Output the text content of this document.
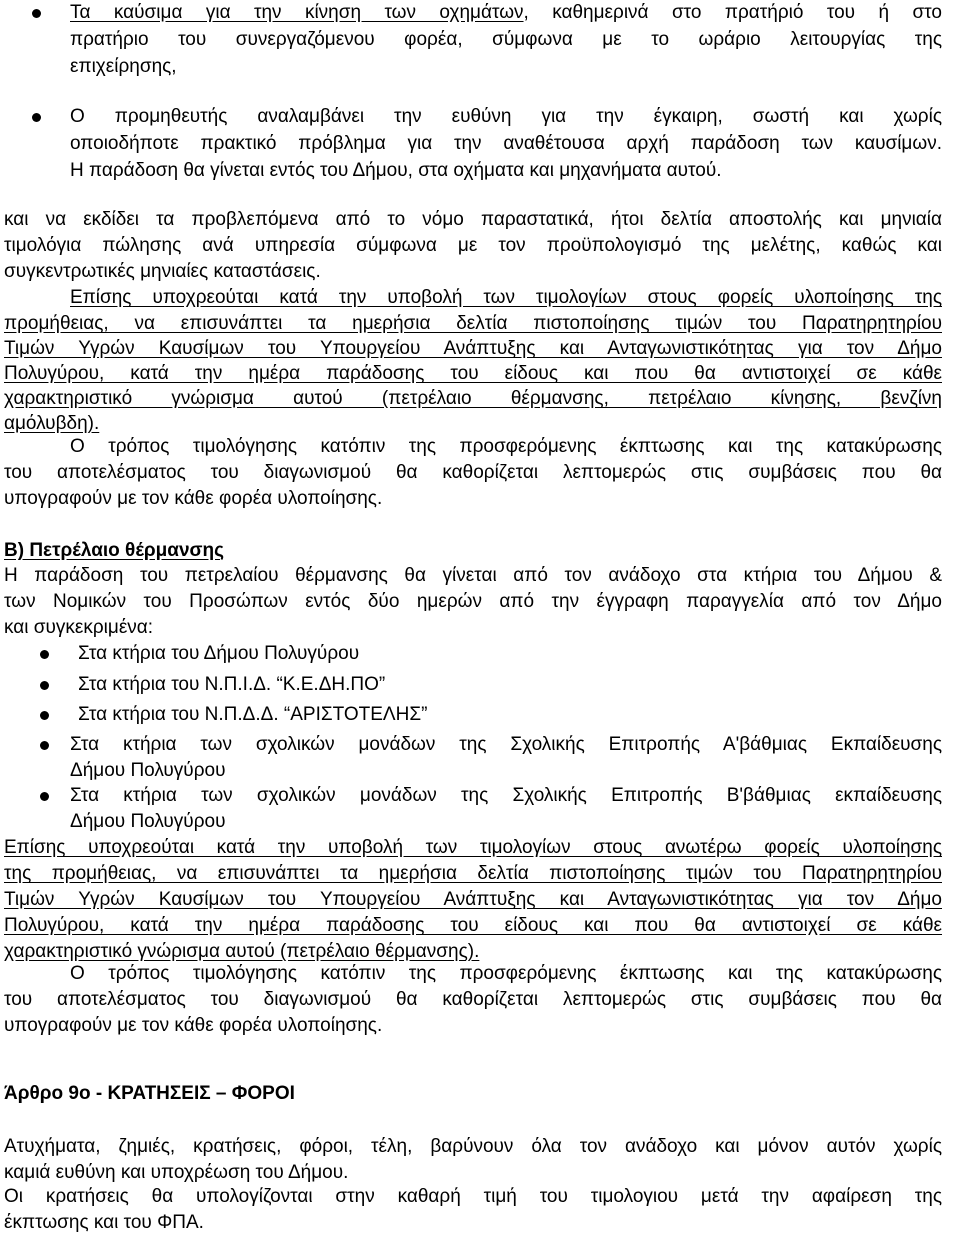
Τα καύσιμα για την κίνηση των οχημάτων, καθημερινά στο πρατήριό του ή στο
πρατήριο του συνεργαζόμενου φορέα, σύμφωνα με το ωράριο λειτουργίας της
επιχείρησης,
Ο προμηθευτής αναλαμβάνει την ευθύνη για την έγκαιρη, σωστή και χωρίς
οποιοδήποτε πρακτικό πρόβλημα για την αναθέτουσα αρχή παράδοση των καυσίμων.
Η παράδοση θα γίνεται εντός του Δήμου, στα οχήματα και μηχανήματα αυτού.
και να εκδίδει τα προβλεπόμενα από το νόμο παραστατικά, ήτοι δελτία αποστολής και μηνιαία
τιμολόγια πώλησης ανά υπηρεσία σύμφωνα με τον προϋπολογισμό της μελέτης, καθώς και
συγκεντρωτικές μηνιαίες καταστάσεις.
Επίσης υποχρεούται κατά την υποβολή των τιμολογίων στους φορείς υλοποίησης της
προμήθειας, να επισυνάπτει τα ημερήσια δελτία πιστοποίησης τιμών του Παρατηρητηρίου
Τιμών Υγρών Καυσίμων του Υπουργείου Ανάπτυξης και Ανταγωνιστικότητας για τον Δήμο
Πολυγύρου, κατά την ημέρα παράδοσης του είδους και που θα αντιστοιχεί σε κάθε
χαρακτηριστικό γνώρισμα αυτού (πετρέλαιο θέρμανσης, πετρέλαιο κίνησης, βενζίνη
αμόλυβδη).
Ο τρόπος τιμολόγησης κατόπιν της προσφερόμενης έκπτωσης και της κατακύρωσης
του αποτελέσματος του διαγωνισμού θα καθορίζεται λεπτομερώς στις συμβάσεις που θα
υπογραφούν με τον κάθε φορέα υλοποίησης.
Β) Πετρέλαιο θέρμανσης
Η παράδοση του πετρελαίου θέρμανσης θα γίνεται από τον ανάδοχο στα κτήρια του Δήμου &
των Νομικών του Προσώπων εντός δύο ημερών από την έγγραφη παραγγελία από τον Δήμο
και συγκεκριμένα:
Στα κτήρια του Δήμου Πολυγύρου
Στα κτήρια του Ν.Π.Ι.Δ. “Κ.Ε.ΔΗ.ΠΟ”
Στα κτήρια του Ν.Π.Δ.Δ. “ΑΡΙΣΤΟΤΕΛΗΣ”
Στα κτήρια των σχολικών μονάδων της Σχολικής Επιτροπής Α'βάθμιας Εκπαίδευσης
Δήμου Πολυγύρου
Στα κτήρια των σχολικών μονάδων της Σχολικής Επιτροπής Β'βάθμιας εκπαίδευσης
Δήμου Πολυγύρου
Επίσης υποχρεούται κατά την υποβολή των τιμολογίων στους ανωτέρω φορείς υλοποίησης
της προμήθειας, να επισυνάπτει τα ημερήσια δελτία πιστοποίησης τιμών του Παρατηρητηρίου
Τιμών Υγρών Καυσίμων του Υπουργείου Ανάπτυξης και Ανταγωνιστικότητας για τον Δήμο
Πολυγύρου, κατά την ημέρα παράδοσης του είδους και που θα αντιστοιχεί σε κάθε
χαρακτηριστικό γνώρισμα αυτού (πετρέλαιο θέρμανσης).
Ο τρόπος τιμολόγησης κατόπιν της προσφερόμενης έκπτωσης και της κατακύρωσης
του αποτελέσματος του διαγωνισμού θα καθορίζεται λεπτομερώς στις συμβάσεις που θα
υπογραφούν με τον κάθε φορέα υλοποίησης.
Άρθρο 9ο - ΚΡΑΤΗΣΕΙΣ – ΦΟΡΟΙ
Ατυχήματα, ζημιές, κρατήσεις, φόροι, τέλη, βαρύνουν όλα τον ανάδοχο και μόνον αυτόν χωρίς
καμιά ευθύνη και υποχρέωση του Δήμου.
Οι κρατήσεις θα υπολογίζονται στην καθαρή τιμή του τιμολογιου μετά την αφαίρεση της
έκπτωσης και του ΦΠΑ.
